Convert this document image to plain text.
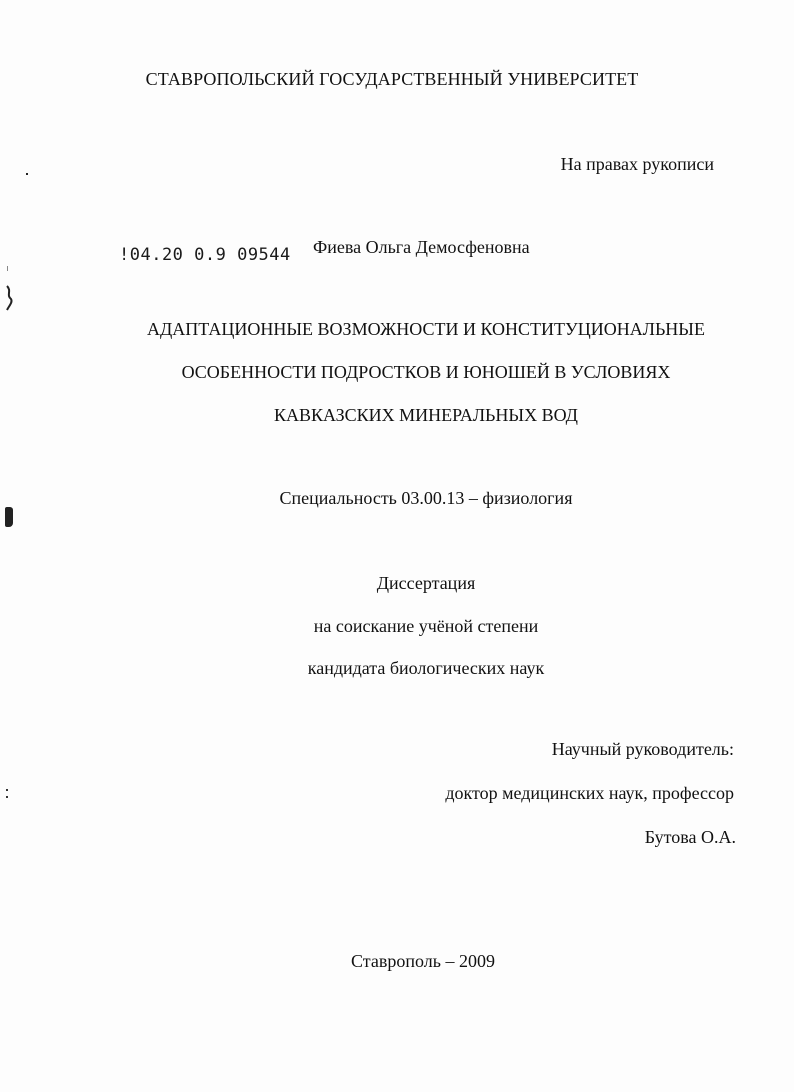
СТАВРОПОЛЬСКИЙ ГОСУДАРСТВЕННЫЙ УНИВЕРСИТЕТ
На правах рукописи
!04.20 0.9 09544 Фиева Ольга Демосфеновна
АДАПТАЦИОННЫЕ ВОЗМОЖНОСТИ И КОНСТИТУЦИОНАЛЬНЫЕ
ОСОБЕННОСТИ ПОДРОСТКОВ И ЮНОШЕЙ В УСЛОВИЯХ
КАВКАЗСКИХ МИНЕРАЛЬНЫХ ВОД
Специальность 03.00.13 – физиология
Диссертация
на соискание учёной степени
кандидата биологических наук
Научный руководитель:
доктор медицинских наук, профессор
Бутова О.А.
Ставрополь – 2009
